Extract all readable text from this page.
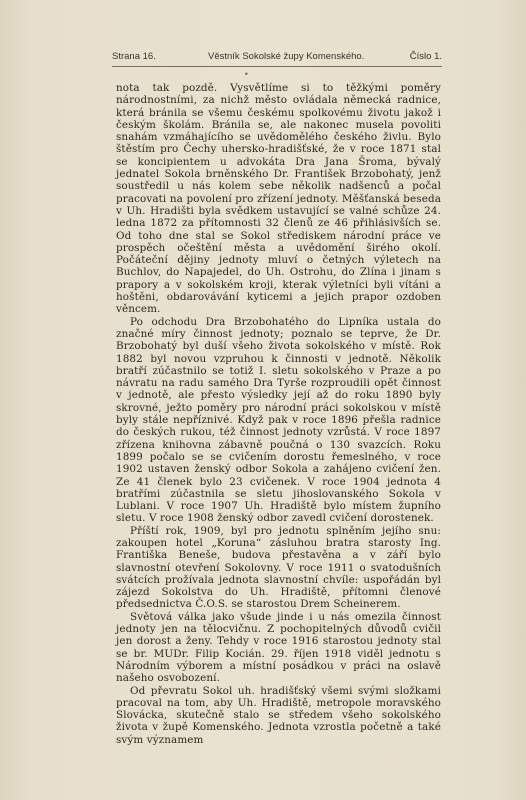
Strana 16.	Věstník Sokolské župy Komenského.	Číslo 1.
•

nota tak pozdě. Vysvětlíme si to těžkými poměry národnostními, za nichž město ovládala německá radnice, která bránila se všemu českému spolkovému životu jakož i českým školám. Bránila se, ale nakonec musela povoliti snahám vzmáhajícího se uvědomělého českého živlu. Bylo štěstím pro Čechy uhersko-hradišťské, že v roce 1871 stal se koncipientem u advokáta Dra Jana Šroma, bývalý jednatel Sokola brněnského Dr. František Brzobohatý, jenž soustředil u nás kolem sebe několik nadšenců a počal pracovati na povolení pro zřízení jednoty. Měšťanská beseda v Uh. Hradišti byla svědkem ustavující se valné schůze 24. ledna 1872 za přítomnosti 32 členů ze 46 přihlásivších se. Od toho dne stal se Sokol střediskem národní práce ve prospěch očeštění města a uvědomění širého okolí. Počáteční dějiny jednoty mluví o četných výletech na Buchlov, do Napajedel, do Uh. Ostrohu, do Zlína i jinam s prapory a v sokolském kroji, kterak výletníci byli vítáni a hoštěni, obdarovávání kyticemi a jejich prapor ozdoben věncem.

Po odchodu Dra Brzobohatého do Lipníka ustala do značné míry činnost jednoty; poznalo se teprve, že Dr. Brzobohatý byl duší všeho života sokolského v místě. Rok 1882 byl novou vzpruhou k činnosti v jednotě. Několik bratří zúčastnilo se totiž I. sletu sokolského v Praze a po návratu na radu samého Dra Tyrše rozproudili opět činnost v jednotě, ale přesto výsledky její až do roku 1890 byly skrovné, ježto poměry pro národní práci sokolskou v místě byly stále nepříznivé. Když pak v roce 1896 přešla radnice do českých rukou, též činnost jednoty vzrůstá. V roce 1897 zřízena knihovna zábavně poučná o 130 svazcích. Roku 1899 počalo se se cvičením dorostu řemeslného, v roce 1902 ustaven ženský odbor Sokola a zahájeno cvičení žen. Ze 41 členek bylo 23 cvičenek. V roce 1904 jednota 4 bratřími zúčastnila se sletu jihoslovanského Sokola v Lublani. V roce 1907 Uh. Hradiště bylo místem župního sletu. V roce 1908 ženský odbor zavedl cvičení dorostenek.

Příští rok, 1909, byl pro jednotu splněním jejího snu: zakoupen hotel „Koruna“ zásluhou bratra starosty Ing. Františka Beneše, budova přestavěna a v září bylo slavnostní otevření Sokolovny. V roce 1911 o svatodušních svátcích prožívala jednota slavnostní chvíle: uspořádán byl zájezd Sokolstva do Uh. Hradiště, přítomni členové předsednictva Č.O.S. se starostou Drem Scheinerem.

Světová válka jako všude jinde i u nás omezila činnost jednoty jen na tělocvičnu. Z pochopitelných důvodů cvičil jen dorost a ženy. Tehdy v roce 1916 starostou jednoty stal se br. MUDr. Filip Kocián. 29. říjen 1918 viděl jednotu s Národním výborem a místní posádkou v práci na oslavě našeho osvobození.

Od převratu Sokol uh. hradišťský všemi svými složkami pracoval na tom, aby Uh. Hradiště, metropole moravského Slovácka, skutečně stalo se středem všeho sokolského života v župě Komenského. Jednota vzrostla početně a také svým významem
